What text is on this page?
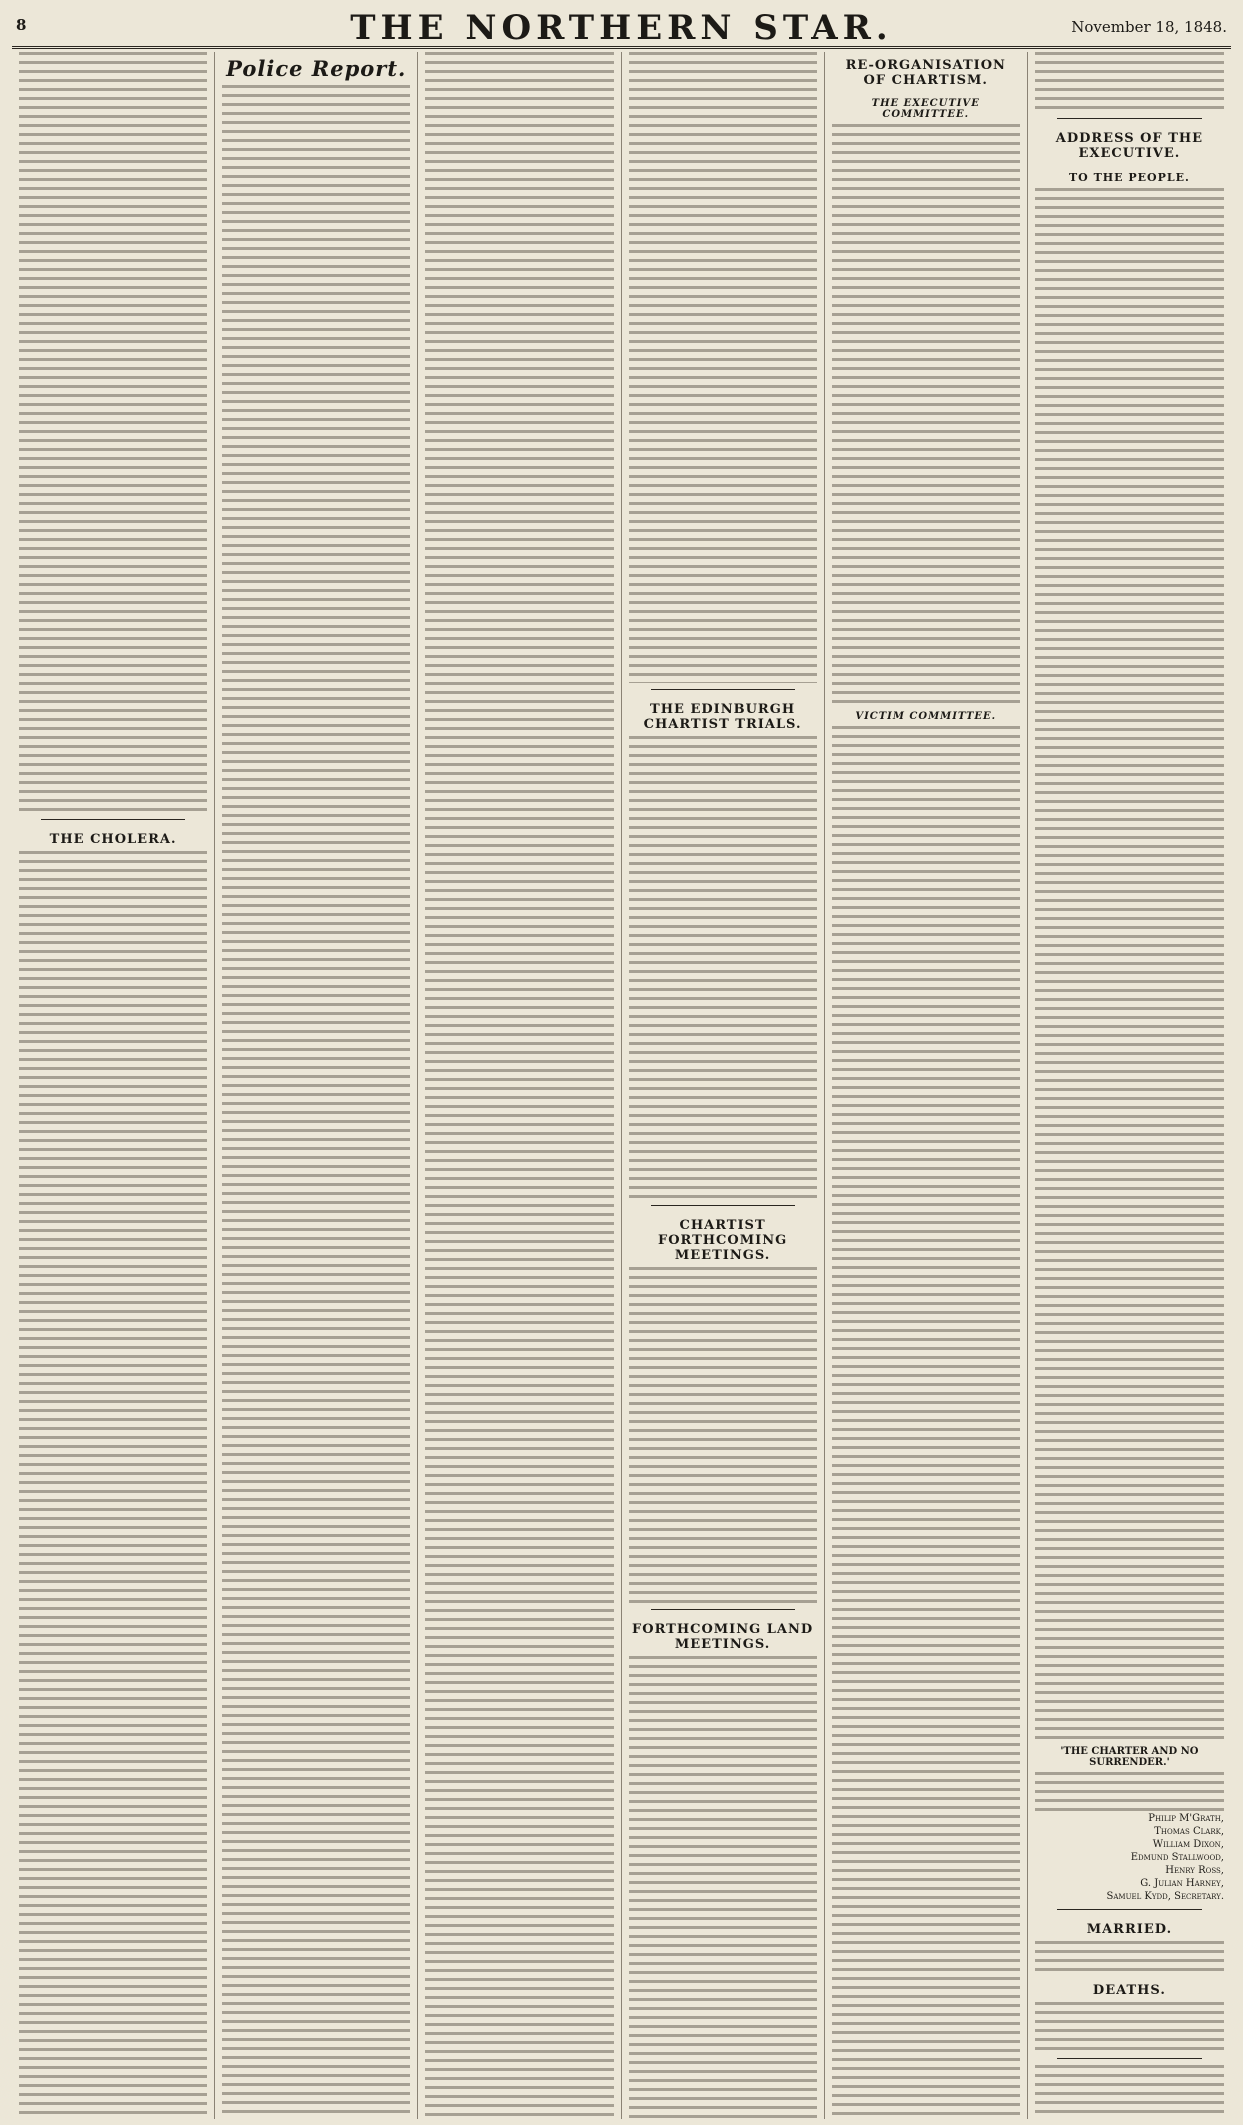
8	THE NORTHERN STAR.	November 18, 1848.
THE CHOLERA.
Police Report.
THE EDINBURGH CHARTIST TRIALS.
CHARTIST FORTHCOMING MEETINGS.
FORTHCOMING LAND MEETINGS.
RE-ORGANISATION OF CHARTISM.
THE EXECUTIVE COMMITTEE.
VICTIM COMMITTEE.
ADDRESS OF THE EXECUTIVE.
TO THE PEOPLE.
'THE CHARTER AND NO SURRENDER.'
Philip M'Grath,
Thomas Clark,
William Dixon,
Edmund Stallwood,
Henry Ross,
G. Julian Harney,
Samuel Kydd, Secretary.
MARRIED.
DEATHS.
